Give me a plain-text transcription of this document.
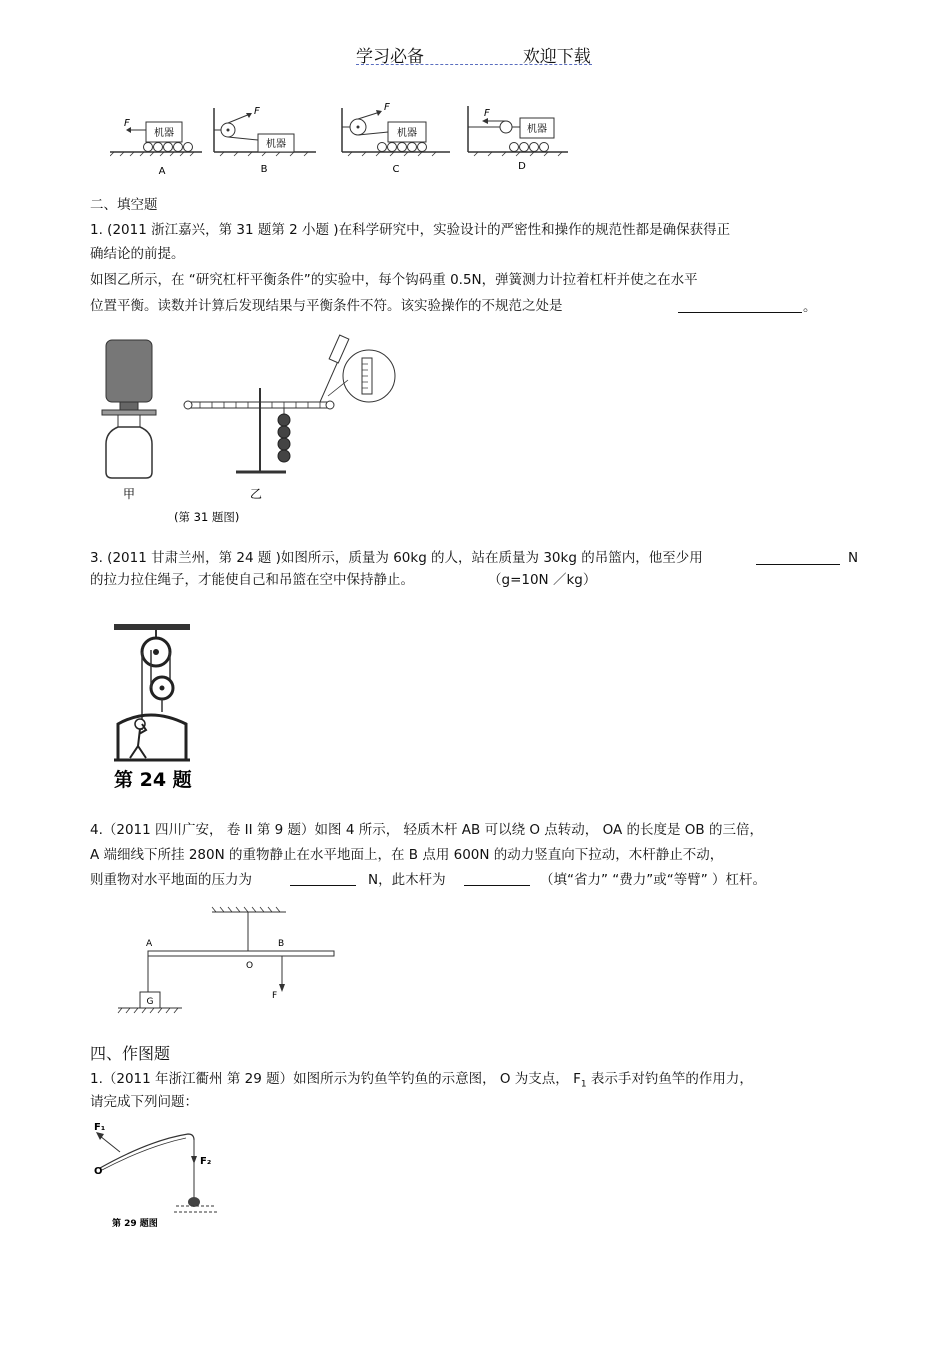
学习必备	欢迎下载
机器
F
A
机器
F
B
机器
F
C
机器
F
D
二、填空题
1. (2011 浙江嘉兴，第 31 题第 2 小题 )在科学研究中，实验设计的严密性和操作的规范性都是确保获得正
确结论的前提。
如图乙所示，在 “研究杠杆平衡条件”的实验中，每个钩码重 0.5N，弹簧测力计拉着杠杆并使之在水平
位置平衡。读数并计算后发现结果与平衡条件不符。该实验操作的不规范之处是	。
甲	乙
(第 31 题图)
3. (2011 甘肃兰州，第 24 题 )如图所示，质量为 60kg 的人，站在质量为 30kg 的吊篮内，他至少用	N
的拉力拉住绳子，才能使自己和吊篮在空中保持静止。	（g=10N ／kg）
第 24 题
4.（2011 四川广安， 卷 II 第 9 题）如图 4 所示， 轻质木杆 AB 可以绕 O 点转动， OA 的长度是 OB 的三倍，
A 端细线下所挂 280N 的重物静止在水平地面上，在 B 点用 600N 的动力竖直向下拉动，木杆静止不动，
则重物对水平地面的压力为	N，此木杆为	（填“省力” “费力”或“等臂” ）杠杆。
G
A
O
B
F
四、作图题
1.（2011 年浙江衢州 第 29 题）如图所示为钓鱼竿钓鱼的示意图， O 为支点， $F_1$ 表示手对钓鱼竿的作用力，
请完成下列问题：
F₁
O
F₂
第 29 题图
